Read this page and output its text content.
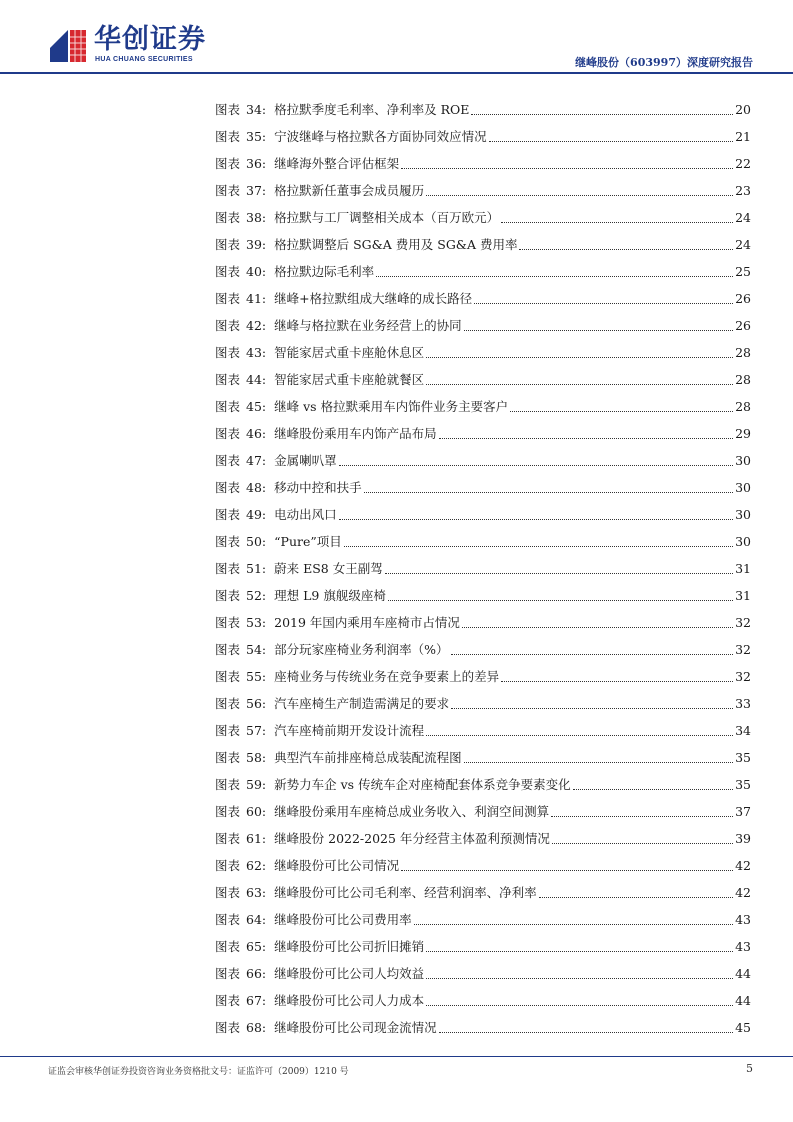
华创证券
HUA CHUANG SECURITIES	继峰股份（603997）深度研究报告
图表 34: 格拉默季度毛利率、净利率及 ROE	20
图表 35: 宁波继峰与格拉默各方面协同效应情况	21
图表 36: 继峰海外整合评估框架	22
图表 37: 格拉默新任董事会成员履历	23
图表 38: 格拉默与工厂调整相关成本（百万欧元）	24
图表 39: 格拉默调整后 SG&A 费用及 SG&A 费用率	24
图表 40: 格拉默边际毛利率	25
图表 41: 继峰+格拉默组成大继峰的成长路径	26
图表 42: 继峰与格拉默在业务经营上的协同	26
图表 43: 智能家居式重卡座舱休息区	28
图表 44: 智能家居式重卡座舱就餐区	28
图表 45: 继峰 vs 格拉默乘用车内饰件业务主要客户	28
图表 46: 继峰股份乘用车内饰产品布局	29
图表 47: 金属喇叭罩	30
图表 48: 移动中控和扶手	30
图表 49: 电动出风口	30
图表 50: “Pure”项目	30
图表 51: 蔚来 ES8 女王副驾	31
图表 52: 理想 L9 旗舰级座椅	31
图表 53: 2019 年国内乘用车座椅市占情况	32
图表 54: 部分玩家座椅业务利润率（%）	32
图表 55: 座椅业务与传统业务在竞争要素上的差异	32
图表 56: 汽车座椅生产制造需满足的要求	33
图表 57: 汽车座椅前期开发设计流程	34
图表 58: 典型汽车前排座椅总成装配流程图	35
图表 59: 新势力车企 vs 传统车企对座椅配套体系竞争要素变化	35
图表 60: 继峰股份乘用车座椅总成业务收入、利润空间测算	37
图表 61: 继峰股份 2022-2025 年分经营主体盈利预测情况	39
图表 62: 继峰股份可比公司情况	42
图表 63: 继峰股份可比公司毛利率、经营利润率、净利率	42
图表 64: 继峰股份可比公司费用率	43
图表 65: 继峰股份可比公司折旧摊销	43
图表 66: 继峰股份可比公司人均效益	44
图表 67: 继峰股份可比公司人力成本	44
图表 68: 继峰股份可比公司现金流情况	45
证监会审核华创证券投资咨询业务资格批文号：证监许可（2009）1210 号	5
